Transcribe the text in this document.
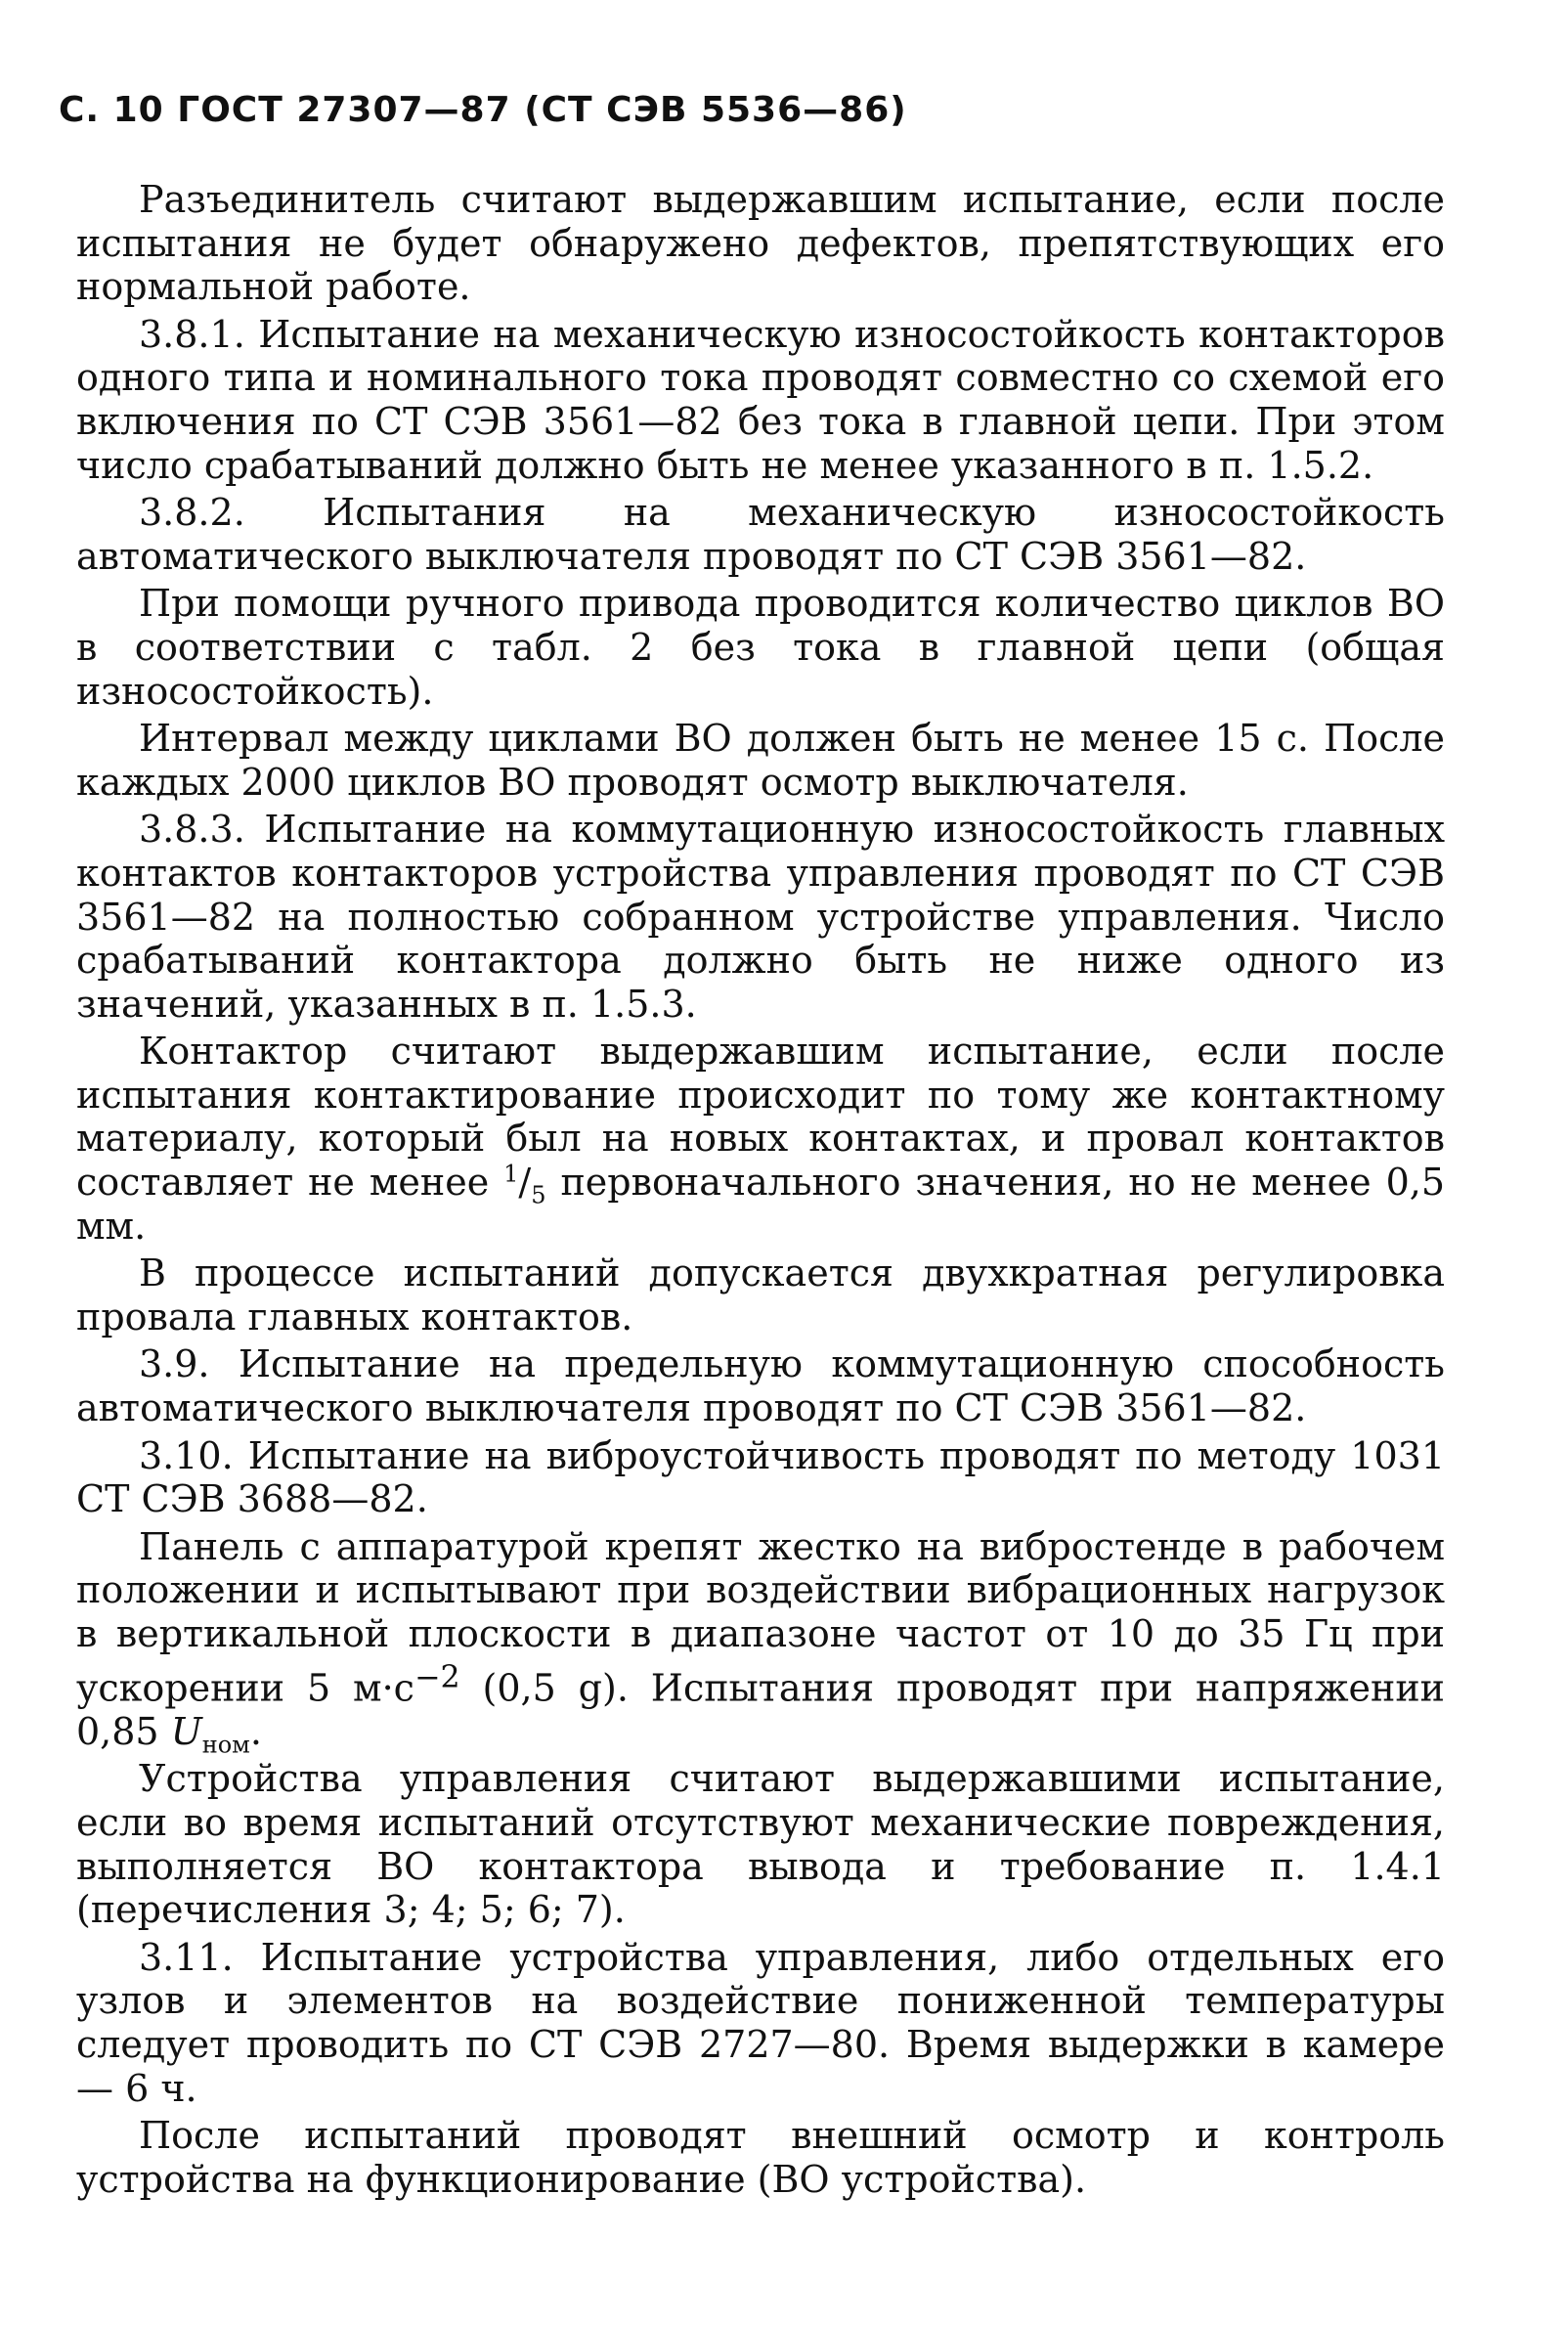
С. 10 ГОСТ 27307—87 (СТ СЭВ 5536—86)

Разъединитель считают выдержавшим испытание, если после испытания не будет обнаружено дефектов, препятствующих его нормальной работе.

3.8.1. Испытание на механическую износостойкость контакторов одного типа и номинального тока проводят совместно со схемой его включения по СТ СЭВ 3561—82 без тока в главной цепи. При этом число срабатываний должно быть не менее указанного в п. 1.5.2.

3.8.2. Испытания на механическую износостойкость автоматического выключателя проводят по СТ СЭВ 3561—82.

При помощи ручного привода проводится количество циклов ВО в соответствии с табл. 2 без тока в главной цепи (общая износостойкость).

Интервал между циклами ВО должен быть не менее 15 с. После каждых 2000 циклов ВО проводят осмотр выключателя.

3.8.3. Испытание на коммутационную износостойкость главных контактов контакторов устройства управления проводят по СТ СЭВ 3561—82 на полностью собранном устройстве управления. Число срабатываний контактора должно быть не ниже одного из значений, указанных в п. 1.5.3.

Контактор считают выдержавшим испытание, если после испытания контактирование происходит по тому же контактному материалу, который был на новых контактах, и провал контактов составляет не менее $^1/_5$ первоначального значения, но не менее 0,5 мм.

В процессе испытаний допускается двухкратная регулировка провала главных контактов.

3.9. Испытание на предельную коммутационную способность автоматического выключателя проводят по СТ СЭВ 3561—82.

3.10. Испытание на виброустойчивость проводят по методу 1031 СТ СЭВ 3688—82.

Панель с аппаратурой крепят жестко на вибростенде в рабочем положении и испытывают при воздействии вибрационных нагрузок в вертикальной плоскости в диапазоне частот от 10 до 35 Гц при ускорении 5 $м\cdot с^{-2}$ (0,5 g). Испытания проводят при напряжении 0,85 $U_{ном}$.

Устройства управления считают выдержавшими испытание, если во время испытаний отсутствуют механические повреждения, выполняется ВО контактора вывода и требование п. 1.4.1 (перечисления 3; 4; 5; 6; 7).

3.11. Испытание устройства управления, либо отдельных его узлов и элементов на воздействие пониженной температуры следует проводить по СТ СЭВ 2727—80. Время выдержки в камере — 6 ч.

После испытаний проводят внешний осмотр и контроль устройства на функционирование (ВО устройства).
